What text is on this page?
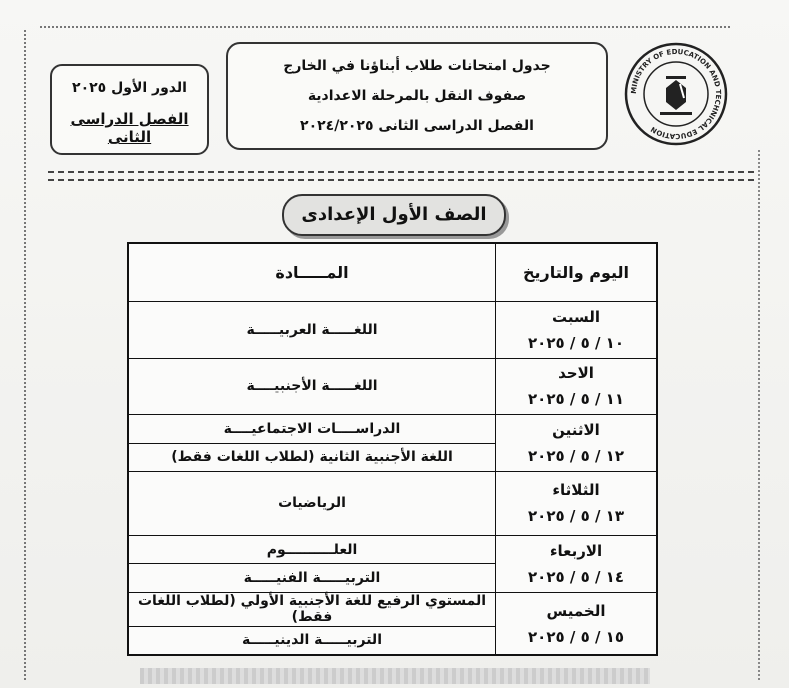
الدور الأول ٢٠٢٥
الفصل الدراسى الثانى
جدول امتحانات طلاب أبناؤنا في الخارج
صفوف النقل بالمرحلة الاعدادية
الفصل الدراسى الثانى ٢٠٢٤/٢٠٢٥
MINISTRY OF EDUCATION AND TECHNICAL EDUCATION
الصف الأول الإعدادى
اليوم والتاريخ	المـــــادة

السبت
١٠ / ٥ / ٢٠٢٥	اللغـــــة العربيـــــة

الاحد
١١ / ٥ / ٢٠٢٥	اللغـــــة الأجنبيــــة

الاثنين
١٢ / ٥ / ٢٠٢٥	الدراســــات الاجتماعيــــة
	اللغة الأجنبية الثانية (لطلاب اللغات فقط)

الثلاثاء
١٣ / ٥ / ٢٠٢٥	الرياضيات

الاربعاء
١٤ / ٥ / ٢٠٢٥	العلــــــــــوم
	التربيـــــة الفنيـــــة

الخميس
١٥ / ٥ / ٢٠٢٥	المستوي الرفيع للغة الأجنبية الأولي (لطلاب اللغات فقط)
	التربيـــــة الدينيـــــة
